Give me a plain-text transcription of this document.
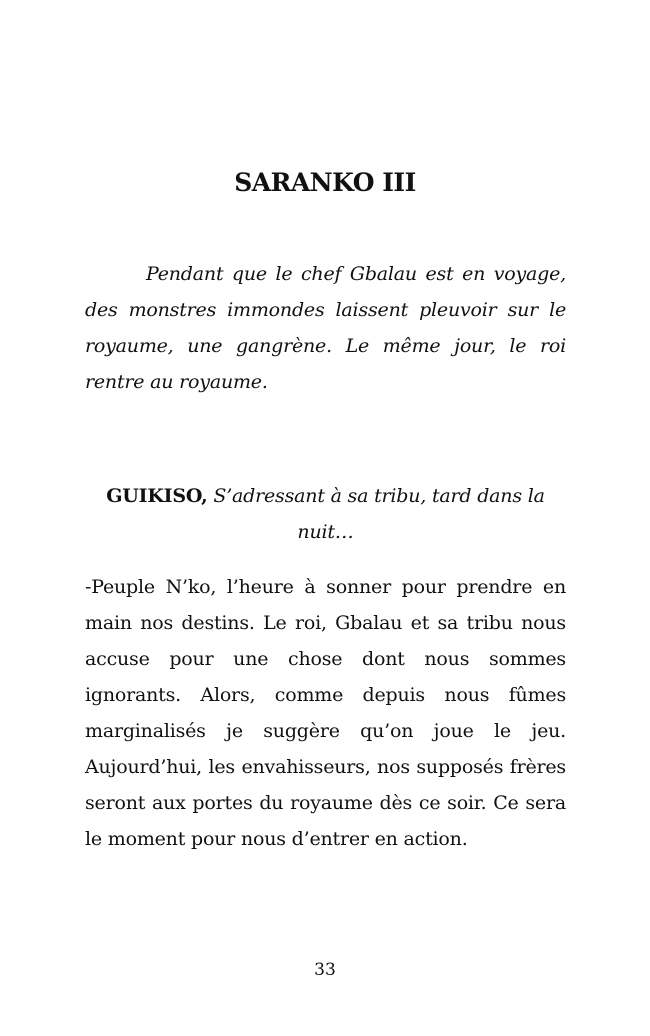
SARANKO III

Pendant que le chef Gbalau est en voyage, des monstres immondes laissent pleuvoir sur le royaume, une gangrène. Le même jour, le roi rentre au royaume.

GUIKISO, S’adressant à sa tribu, tard dans la nuit…

-Peuple N’ko, l’heure à sonner pour prendre en main nos destins. Le roi, Gbalau et sa tribu nous accuse pour une chose dont nous sommes ignorants. Alors, comme depuis nous fûmes marginalisés je suggère qu’on joue le jeu. Aujourd’hui, les envahisseurs, nos supposés frères seront aux portes du royaume dès ce soir. Ce sera le moment pour nous d’entrer en action.

33
